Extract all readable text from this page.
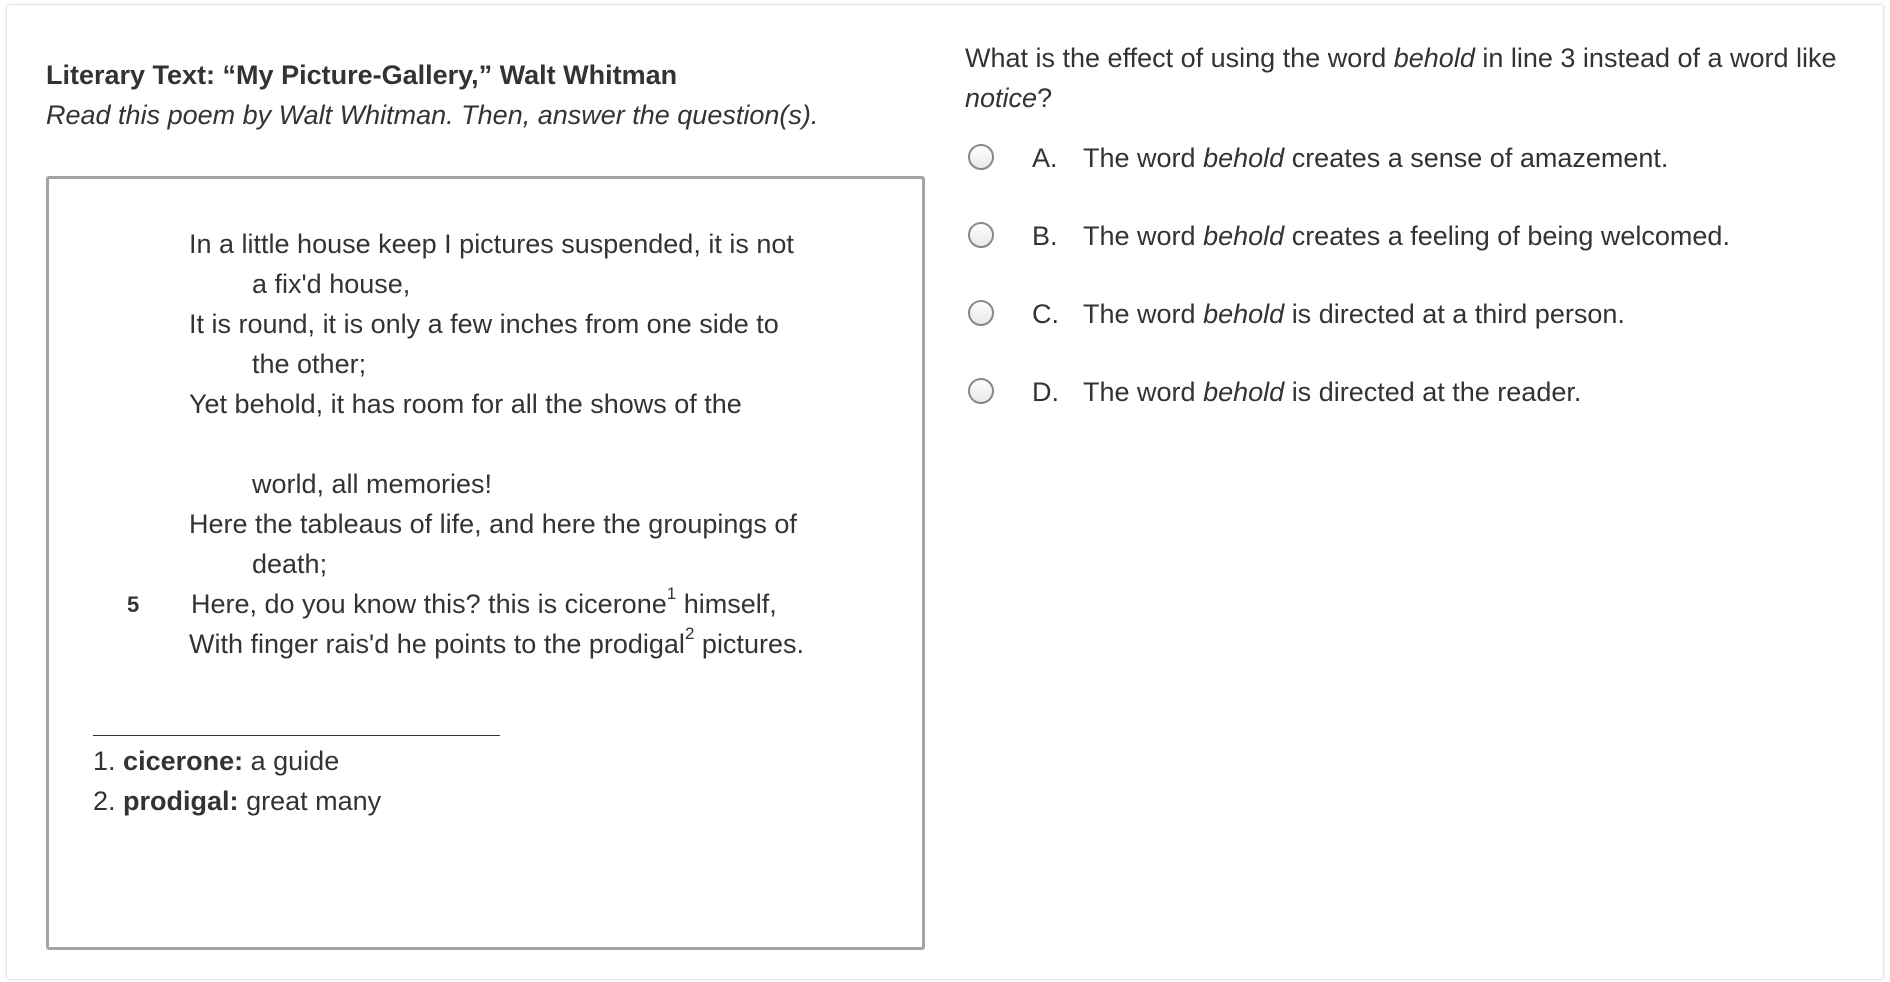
Literary Text: “My Picture-Gallery,” Walt Whitman
Read this poem by Walt Whitman. Then, answer the question(s).
In a little house keep I pictures suspended, it is not
a fix'd house,
It is round, it is only a few inches from one side to
the other;
Yet behold, it has room for all the shows of the
world, all memories!
Here the tableaus of life, and here the groupings of
death;
5 Here, do you know this? this is cicerone$^1$ himself,
With finger rais'd he points to the prodigal$^2$ pictures.
1. cicerone: a guide
2. prodigal: great many
What is the effect of using the word behold in line 3 instead of a word like notice?
A. The word behold creates a sense of amazement.
B. The word behold creates a feeling of being welcomed.
C. The word behold is directed at a third person.
D. The word behold is directed at the reader.
